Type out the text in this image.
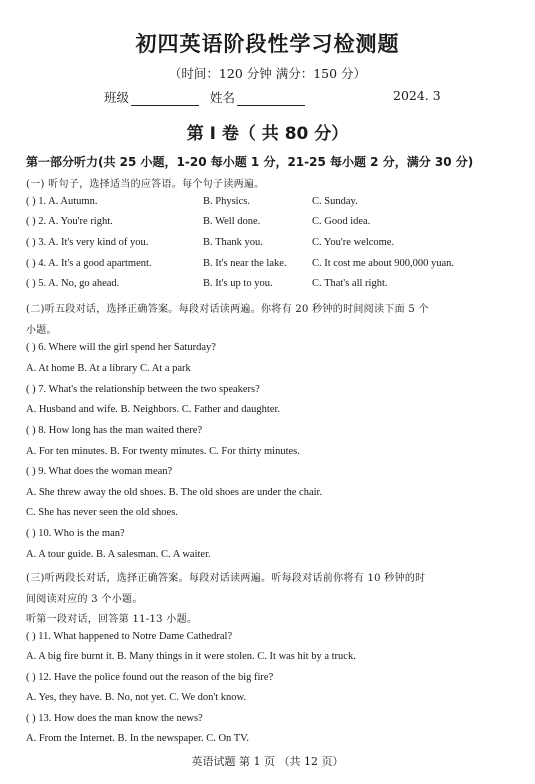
初四英语阶段性学习检测题
（时间：120 分钟 满分：150 分）
班级	姓名	2024. 3
第 I 卷（ 共 80 分）
第一部分听力(共 25 小题，1-20 每小题 1 分，21-25 每小题 2 分，满分 30 分)
(一) 听句子，选择适当的应答语。每个句子读两遍。
( ) 1. A. Autumn.	B. Physics.	C. Sunday.
( ) 2. A. You're right.	B. Well done.	C. Good idea.
( ) 3. A. It's very kind of you.	B. Thank you.	C. You're welcome.
( ) 4. A. It's a good apartment.	B. It's near the lake. C. It cost me about 900,000 yuan.
( ) 5. A. No, go ahead.	B. It's up to you.	C. That's all right.
(二)听五段对话，选择正确答案。每段对话读两遍。你将有 20 秒钟的时间阅读下面 5 个
小题。
( ) 6. Where will the girl spend her Saturday?
A. At home B. At a library C. At a park
( ) 7. What's the relationship between the two speakers?
A. Husband and wife. B. Neighbors. C. Father and daughter.
( ) 8. How long has the man waited there?
A. For ten minutes. B. For twenty minutes. C. For thirty minutes.
( ) 9. What does the woman mean?
A. She threw away the old shoes. B. The old shoes are under the chair.
C. She has never seen the old shoes.
( ) 10. Who is the man?
A. A tour guide. B. A salesman. C. A waiter.
(三)听两段长对话，选择正确答案。每段对话读两遍。听每段对话前你将有 10 秒钟的时
间阅读对应的 3 个小题。
听第一段对话，回答第 11-13 小题。
( ) 11. What happened to Notre Dame Cathedral?
A. A big fire burnt it. B. Many things in it were stolen. C. It was hit by a truck.
( ) 12. Have the police found out the reason of the big fire?
A. Yes, they have. B. No, not yet. C. We don't know.
( ) 13. How does the man know the news?
A. From the Internet. B. In the newspaper. C. On TV.
英语试题 第 1 页 （共 12 页）
